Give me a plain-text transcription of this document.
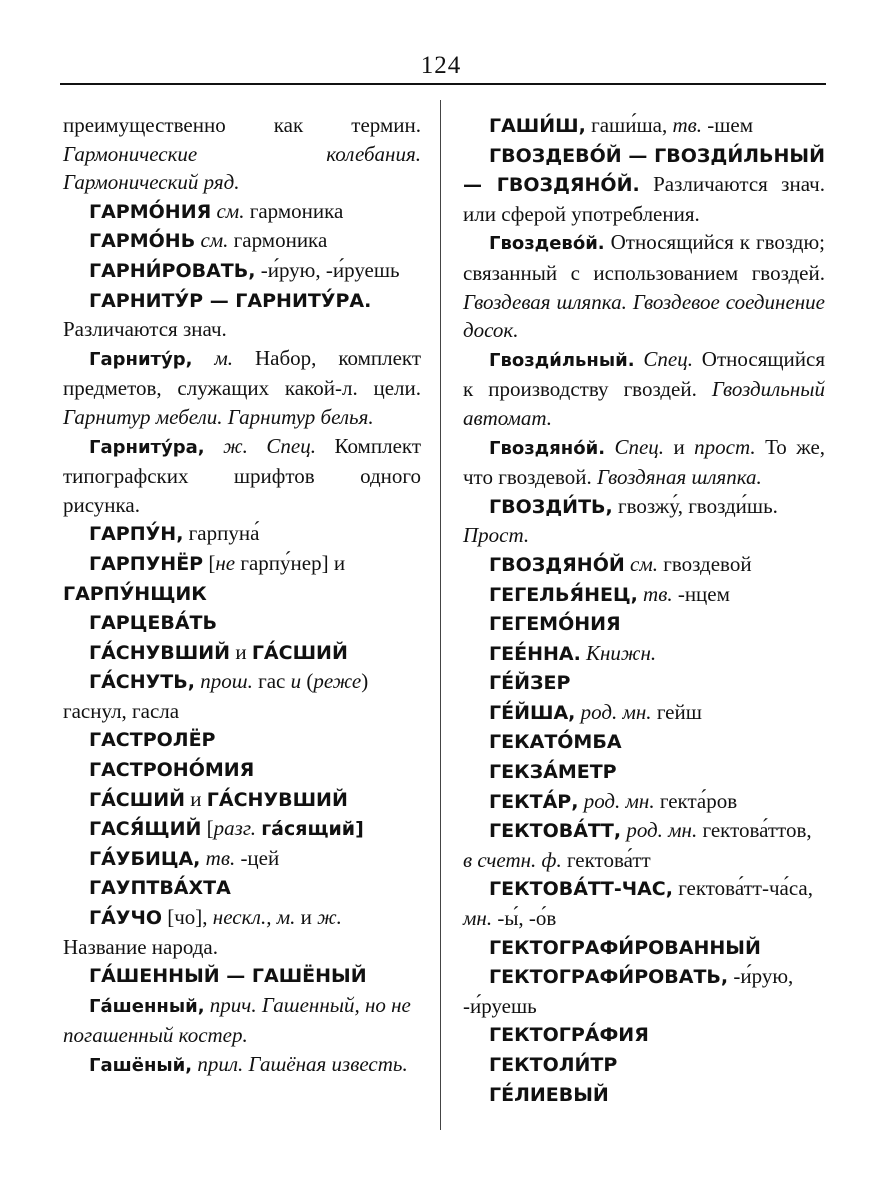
124

преимущественно как термин. Гармонические колебания. Гармонический ряд.

ГАРМО́НИЯ см. гармоника

ГАРМО́НЬ см. гармоника

ГАРНИ́РОВАТЬ, -и́рую, -и́руешь

ГАРНИТУ́Р — ГАРНИТУ́РА. Различаются знач.

Гарниту́р, м. Набор, комплект предметов, служащих какой-л. цели. Гарнитур мебели. Гарнитур белья.

Гарниту́ра, ж. Спец. Комплект типографских шрифтов одного рисунка.

ГАРПУ́Н, гарпуна́

ГАРПУНЁР [не гарпу́нер] и ГАРПУ́НЩИК

ГАРЦЕВА́ТЬ

ГА́СНУВШИЙ и ГА́СШИЙ

ГА́СНУТЬ, прош. гас и (реже) гаснул, гасла

ГАСТРОЛЁР

ГАСТРОНО́МИЯ

ГА́СШИЙ и ГА́СНУВШИЙ

ГАСЯ́ЩИЙ [разг. га́сящий]

ГА́УБИЦА, тв. -цей

ГАУПТВА́ХТА

ГА́УЧО [чо], нескл., м. и ж. Название народа.

ГА́ШЕННЫЙ — ГАШЁНЫЙ

Га́шенный, прич. Гашенный, но не погашенный костер.

Гашёный, прил. Гашёная известь.

ГАШИ́Ш, гаши́ша, тв. -шем

ГВОЗДЕВО́Й — ГВОЗДИ́ЛЬНЫЙ — ГВОЗДЯНО́Й. Различаются знач. или сферой употребления.

Гвоздево́й. Относящийся к гвоздю; связанный с использованием гвоздей. Гвоздевая шляпка. Гвоздевое соединение досок.

Гвозди́льный. Спец. Относящийся к производству гвоздей. Гвоздильный автомат.

Гвоздяно́й. Спец. и прост. То же, что гвоздевой. Гвоздяная шляпка.

ГВОЗДИ́ТЬ, гвозжу́, гвозди́шь. Прост.

ГВОЗДЯНО́Й см. гвоздевой

ГЕГЕЛЬЯ́НЕЦ, тв. -нцем

ГЕГЕМО́НИЯ

ГЕЕ́ННА. Книжн.

ГЕ́ЙЗЕР

ГЕ́ЙША, род. мн. гейш

ГЕКАТО́МБА

ГЕКЗА́МЕТР

ГЕКТА́Р, род. мн. гекта́ров

ГЕКТОВА́ТТ, род. мн. гектова́ттов, в счетн. ф. гектова́тт

ГЕКТОВА́ТТ-ЧАС, гектова́тт-ча́са, мн. -ы́, -о́в

ГЕКТОГРАФИ́РОВАННЫЙ

ГЕКТОГРАФИ́РОВАТЬ, -и́рую, -и́руешь

ГЕКТОГРА́ФИЯ

ГЕКТОЛИ́ТР

ГЕ́ЛИЕВЫЙ
